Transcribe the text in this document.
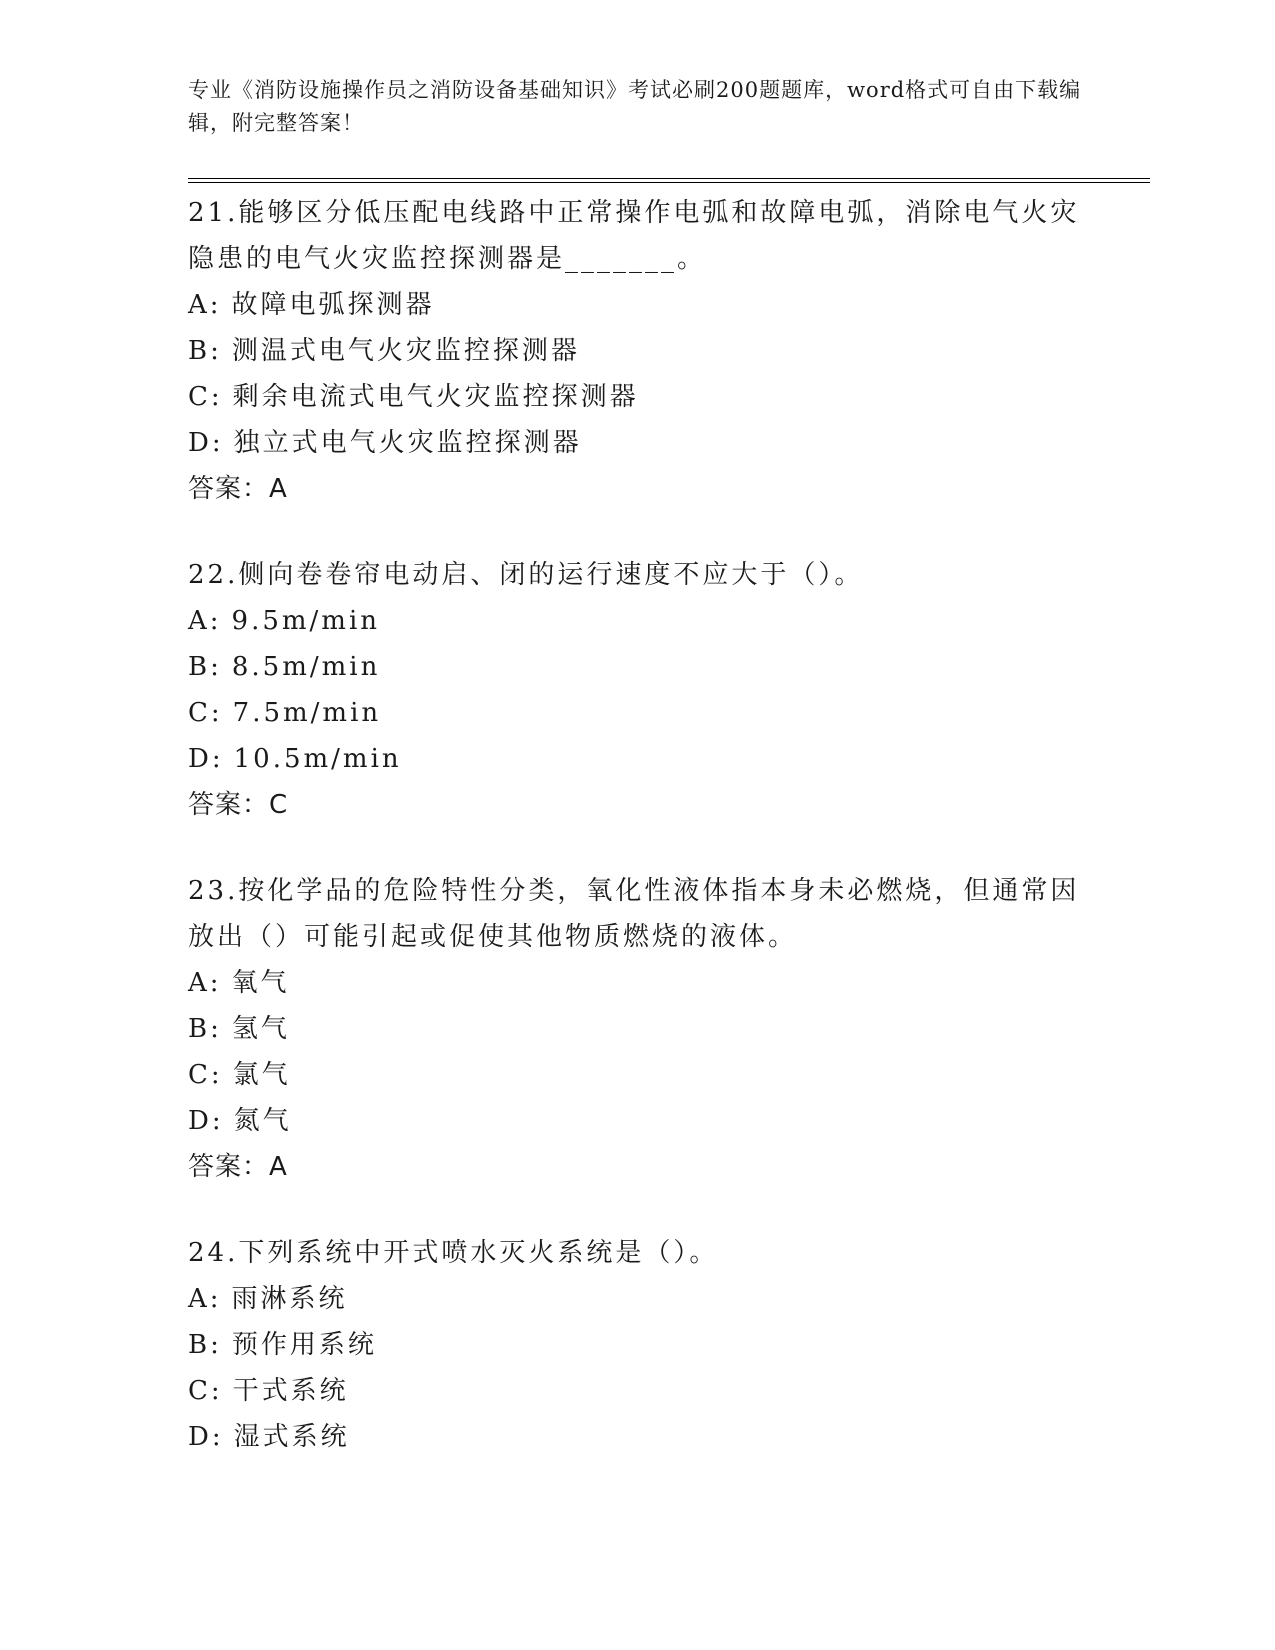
专业《消防设施操作员之消防设备基础知识》考试必刷200题题库，word格式可自由下载编辑，附完整答案！
21.能够区分低压配电线路中正常操作电弧和故障电弧，消除电气火灾隐患的电气火灾监控探测器是_______。
A: 故障电弧探测器
B: 测温式电气火灾监控探测器
C: 剩余电流式电气火灾监控探测器
D: 独立式电气火灾监控探测器
答案：A
22.侧向卷卷帘电动启、闭的运行速度不应大于（）。
A: 9.5m/min
B: 8.5m/min
C: 7.5m/min
D: 10.5m/min
答案：C
23.按化学品的危险特性分类，氧化性液体指本身未必燃烧，但通常因放出（）可能引起或促使其他物质燃烧的液体。
A: 氧气
B: 氢气
C: 氯气
D: 氮气
答案：A
24.下列系统中开式喷水灭火系统是（）。
A: 雨淋系统
B: 预作用系统
C: 干式系统
D: 湿式系统
